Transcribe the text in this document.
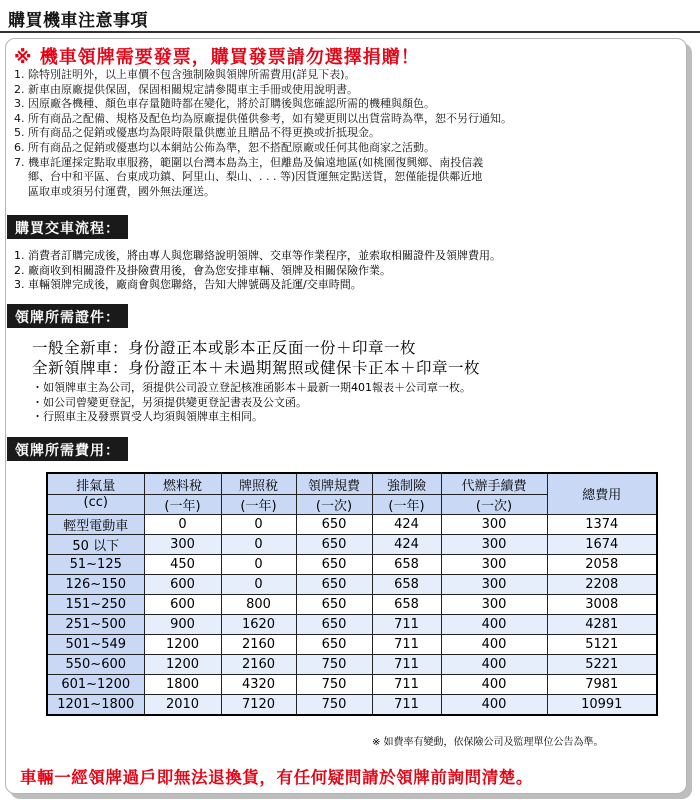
購買機車注意事項
※ 機車領牌需要發票，購買發票請勿選擇捐贈！
1. 除特別註明外，以上車價不包含強制險與領牌所需費用(詳見下表)。
2. 新車由原廠提供保固，保固相關規定請參閱車主手冊或使用說明書。
3. 因原廠各機種、顏色車存量隨時都在變化，將於訂購後與您確認所需的機種與顏色。
4. 所有商品之配備、規格及配色均為原廠提供僅供參考，如有變更則以出貨當時為準，恕不另行通知。
5. 所有商品之促銷或優惠均為限時限量供應並且贈品不得更換或折抵現金。
6. 所有商品之促銷或優惠均以本網站公佈為準，恕不搭配原廠或任何其他商家之活動。
7. 機車託運採定點取車服務，範圍以台灣本島為主，但離島及偏遠地區(如桃園復興鄉、南投信義鄉、台中和平區、台東成功鎮、阿里山、梨山、. . . 等)因貨運無定點送貨，恕僅能提供鄰近地區取車或須另付運費，國外無法運送。
購買交車流程：
1. 消費者訂購完成後，將由專人與您聯絡說明領牌、交車等作業程序，並索取相關證件及領牌費用。
2. 廠商收到相關證件及掛險費用後，會為您安排車輛、領牌及相關保險作業。
3. 車輛領牌完成後，廠商會與您聯絡，告知大牌號碼及託運/交車時間。
領牌所需證件：
一般全新車：身份證正本或影本正反面一份＋印章一枚
全新領牌車：身份證正本＋未過期駕照或健保卡正本＋印章一枚
・如領牌車主為公司，須提供公司設立登記核准函影本＋最新一期401報表＋公司章一枚。
・如公司曾變更登記，另須提供變更登記書表及公文函。
・行照車主及發票買受人均須與領牌車主相同。
領牌所需費用：
排氣量	燃料稅	牌照稅	領牌規費	強制險	代辦手續費	總費用
(cc)	(一年)	(一年)	(一次)	(一年)	(一次)	
輕型電動車	0	0	650	424	300	1374
50 以下	300	0	650	424	300	1674
51~125	450	0	650	658	300	2058
126~150	600	0	650	658	300	2208
151~250	600	800	650	658	300	3008
251~500	900	1620	650	711	400	4281
501~549	1200	2160	650	711	400	5121
550~600	1200	2160	750	711	400	5221
601~1200	1800	4320	750	711	400	7981
1201~1800	2010	7120	750	711	400	10991
※ 如費率有變動，依保險公司及監理單位公告為準。
車輛一經領牌過戶即無法退換貨，有任何疑問請於領牌前詢問清楚。
